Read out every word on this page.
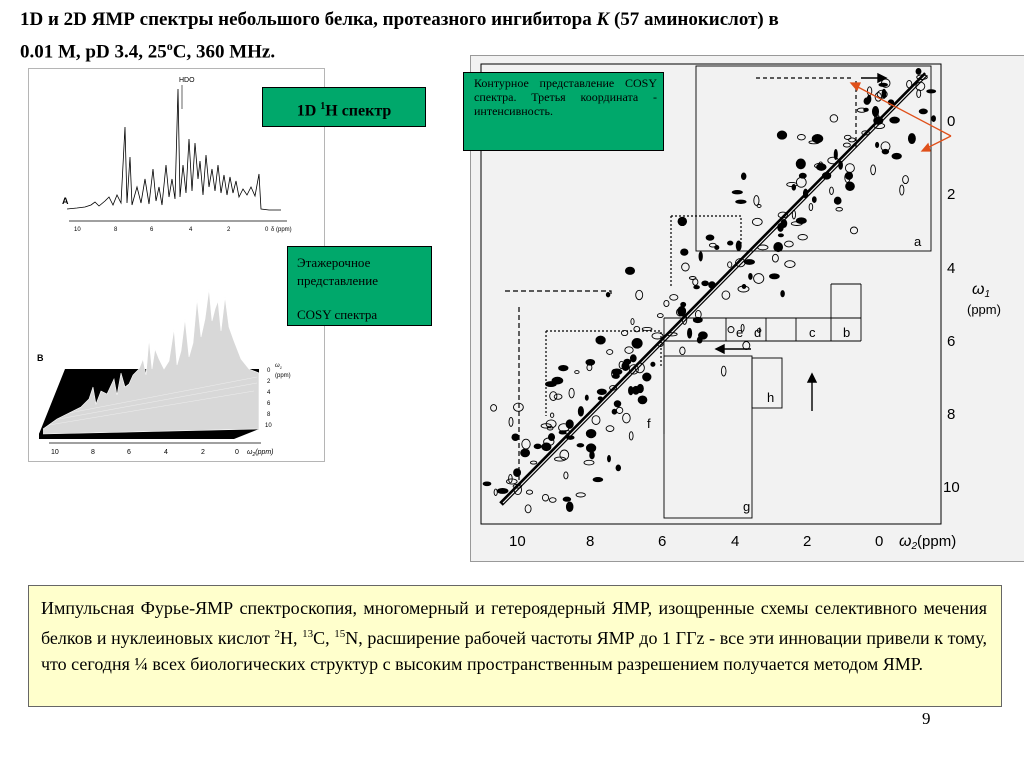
1D и 2D ЯМР спектры небольшого белка, протеазного ингибитора K (57 аминокислот) в
0.01 М, pD 3.4, 25$^o$C, 360 MHz.
HDO
A
10	8	6	4	2	0 δ (ppm)
B
$\omega_1$
(ppm)
0
2
4
6
8
10
10	8	6	4	2	0 $\omega_2(ppm)$
1D $^1$H спектр
Этажерочное
представление
COSY спектра
a
b
c
d
e
f
g
h
0
2
4
6
8
10
ω1
(ppm)
10	8	6	4	2	0 ω2(ppm)
Контурное представление COSY спектра. Третья координата - интенсивность.
Импульсная Фурье-ЯМР спектроскопия, многомерный и гетероядерный ЯМР, изощренные схемы селективного мечения белков и нуклеиновых кислот $^2$H, $^{13}$C, $^{15}$N, расширение рабочей частоты ЯМР до 1 ГГz - все эти инновации привели к тому, что сегодня ¼ всех биологических структур с высоким пространственным разрешением получается методом ЯМР.
9
